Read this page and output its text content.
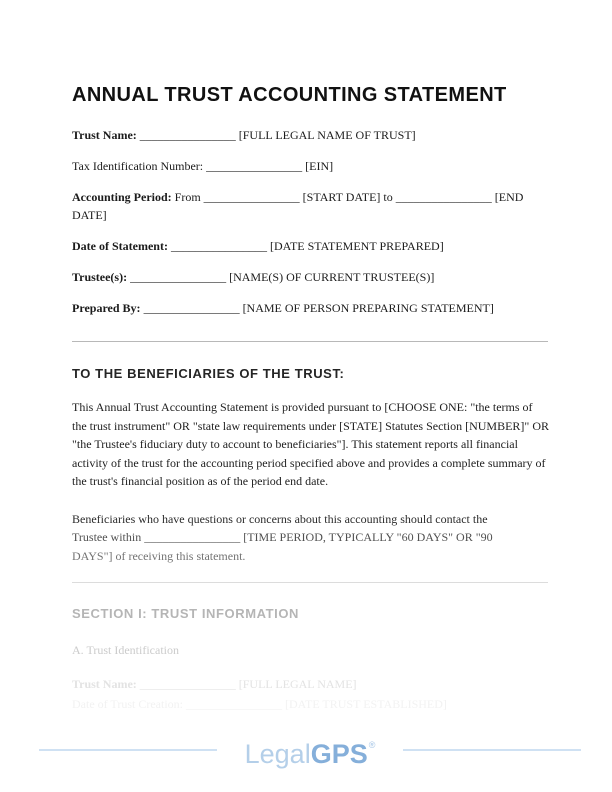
ANNUAL TRUST ACCOUNTING STATEMENT

Trust Name: ________________ [FULL LEGAL NAME OF TRUST]

Tax Identification Number: ________________ [EIN]

Accounting Period: From ________________ [START DATE] to ________________ [END DATE]

Date of Statement: ________________ [DATE STATEMENT PREPARED]

Trustee(s): ________________ [NAME(S) OF CURRENT TRUSTEE(S)]

Prepared By: ________________ [NAME OF PERSON PREPARING STATEMENT]

TO THE BENEFICIARIES OF THE TRUST:

This Annual Trust Accounting Statement is provided pursuant to [CHOOSE ONE: "the terms of the trust instrument" OR "state law requirements under [STATE] Statutes Section [NUMBER]" OR "the Trustee's fiduciary duty to account to beneficiaries"]. This statement reports all financial activity of the trust for the accounting period specified above and provides a complete summary of the trust's financial position as of the period end date.

Beneficiaries who have questions or concerns about this accounting should contact the
Trustee within ________________ [TIME PERIOD, TYPICALLY "60 DAYS" OR "90
DAYS"] of receiving this statement.
SECTION I: TRUST INFORMATION

A. Trust Identification

Trust Name: ________________ [FULL LEGAL NAME]

Date of Trust Creation: ________________ [DATE TRUST ESTABLISHED]

LegalGPS®
